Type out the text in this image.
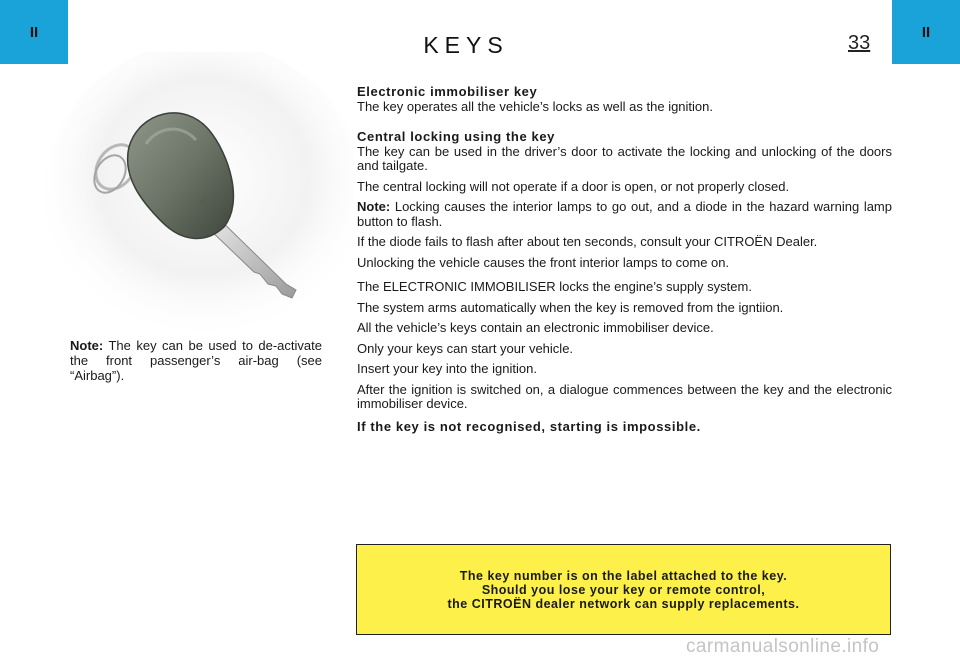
II	II
KEYS	33
Note: The key can be used to de-activate the front passenger’s air-bag (see “Airbag”).

Electronic immobiliser key

The key operates all the vehicle’s locks as well as the ignition.

Central locking using the key

The key can be used in the driver’s door to activate the locking and unlocking of the doors and tailgate.

The central locking will not operate if a door is open, or not properly closed.

Note: Locking causes the interior lamps to go out, and a diode in the hazard warning lamp button to flash.

If the diode fails to flash after about ten seconds, consult your CITROËN Dealer.

Unlocking the vehicle causes the front interior lamps to come on.

The ELECTRONIC IMMOBILISER locks the engine’s supply system.

The system arms automatically when the key is removed from the igntiion.

All the vehicle’s keys contain an electronic immobiliser device.

Only your keys can start your vehicle.

Insert your key into the ignition.

After the ignition is switched on, a dialogue commences between the key and the electronic immobiliser device.

If the key is not recognised, starting is impossible.

The key number is on the label attached to the key.
Should you lose your key or remote control,
the CITROËN dealer network can supply replacements.
carmanualsonline.info
